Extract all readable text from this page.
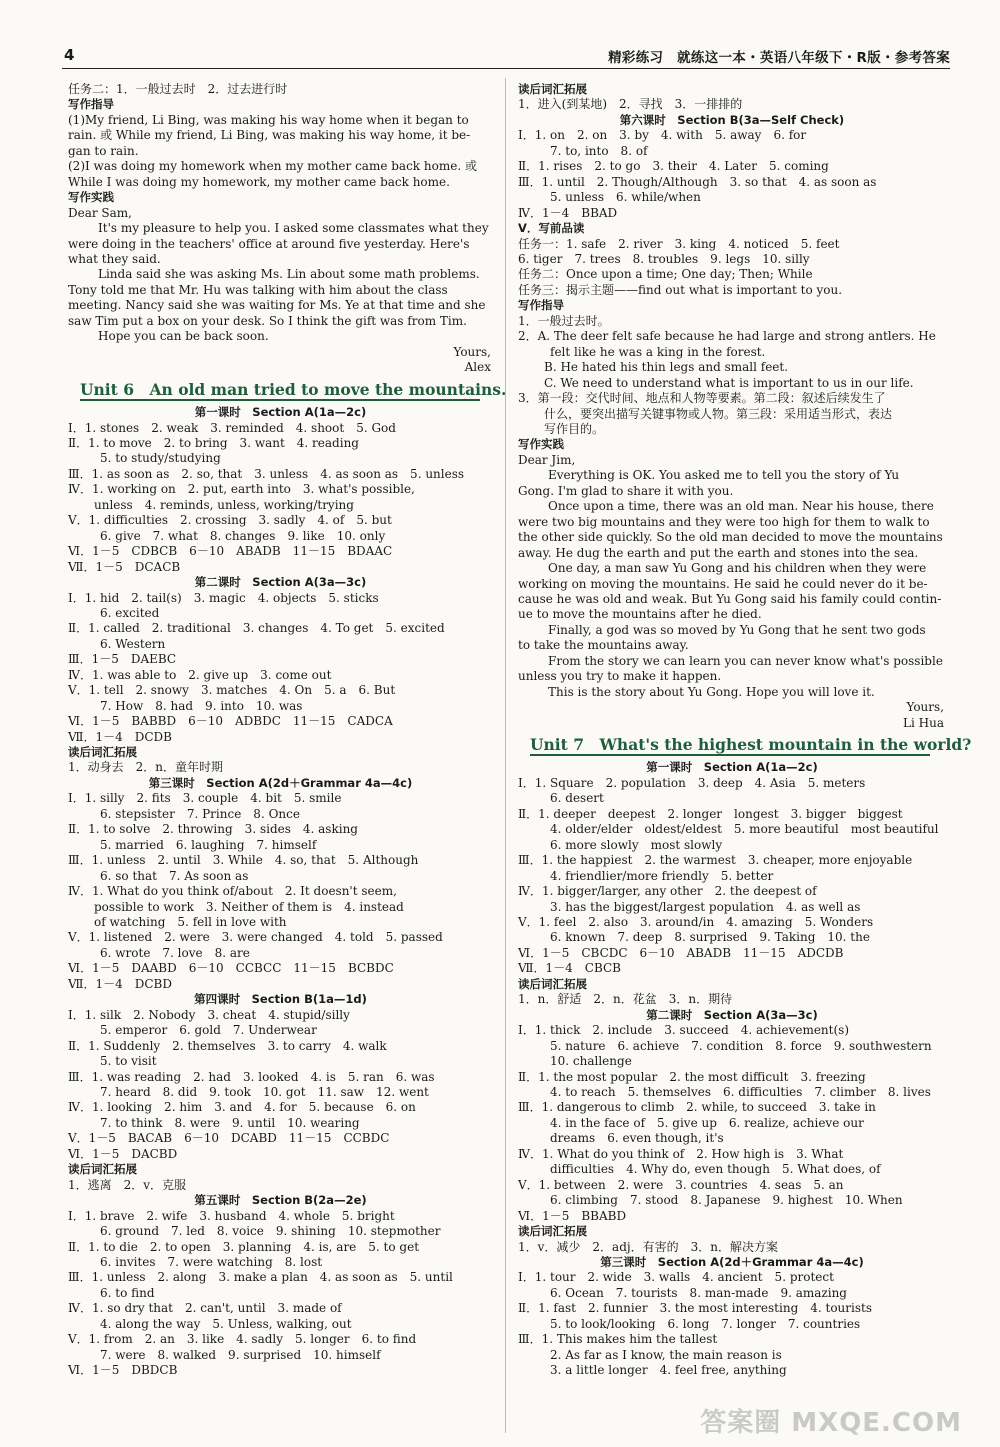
4	精彩练习　就练这一本・英语八年级下・R版・参考答案
任务二：1．一般过去时　2．过去进行时
写作指导
(1)My friend, Li Bing, was making his way home when it began to
rain. 或 While my friend, Li Bing, was making his way home, it be-
gan to rain.
(2)I was doing my homework when my mother came back home. 或
While I was doing my homework, my mother came back home.
写作实践
Dear Sam,
It's my pleasure to help you. I asked some classmates what they
were doing in the teachers' office at around five yesterday. Here's
what they said.
Linda said she was asking Ms. Lin about some math problems.
Tony told me that Mr. Hu was talking with him about the class
meeting. Nancy said she was waiting for Ms. Ye at that time and she
saw Tim put a box on your desk. So I think the gift was from Tim.
Hope you can be back soon.
Yours,
Alex
Unit 6　An old man tried to move the mountains.
第一课时　Section A(1a—2c)
Ⅰ．1. stones　2. weak　3. reminded　4. shoot　5. God
Ⅱ．1. to move　2. to bring　3. want　4. reading
5. to study/studying
Ⅲ．1. as soon as　2. so, that　3. unless　4. as soon as　5. unless
Ⅳ．1. working on　2. put, earth into　3. what's possible,
unless　4. reminds, unless, working/trying
Ⅴ．1. difficulties　2. crossing　3. sadly　4. of　5. but
6. give　7. what　8. changes　9. like　10. only
Ⅵ．1－5　CDBCB　6－10　ABADB　11－15　BDAAC
Ⅶ．1－5　DCACB
第二课时　Section A(3a—3c)
Ⅰ．1. hid　2. tail(s)　3. magic　4. objects　5. sticks
6. excited
Ⅱ．1. called　2. traditional　3. changes　4. To get　5. excited
6. Western
Ⅲ．1－5　DAEBC
Ⅳ．1. was able to　2. give up　3. come out
Ⅴ．1. tell　2. snowy　3. matches　4. On　5. a　6. But
7. How　8. had　9. into　10. was
Ⅵ．1－5　BABBD　6－10　ADBDC　11－15　CADCA
Ⅶ．1－4　DCDB
读后词汇拓展
1．动身去　2．n．童年时期
第三课时　Section A(2d＋Grammar 4a—4c)
Ⅰ．1. silly　2. fits　3. couple　4. bit　5. smile
6. stepsister　7. Prince　8. Once
Ⅱ．1. to solve　2. throwing　3. sides　4. asking
5. married　6. laughing　7. himself
Ⅲ．1. unless　2. until　3. While　4. so, that　5. Although
6. so that　7. As soon as
Ⅳ．1. What do you think of/about　2. It doesn't seem,
possible to work　3. Neither of them is　4. instead
of watching　5. fell in love with
Ⅴ．1. listened　2. were　3. were changed　4. told　5. passed
6. wrote　7. love　8. are
Ⅵ．1－5　DAABD　6－10　CCBCC　11－15　BCBDC
Ⅶ．1－4　DCBD
第四课时　Section B(1a—1d)
Ⅰ．1. silk　2. Nobody　3. cheat　4. stupid/silly
5. emperor　6. gold　7. Underwear
Ⅱ．1. Suddenly　2. themselves　3. to carry　4. walk
5. to visit
Ⅲ．1. was reading　2. had　3. looked　4. is　5. ran　6. was
7. heard　8. did　9. took　10. got　11. saw　12. went
Ⅳ．1. looking　2. him　3. and　4. for　5. because　6. on
7. to think　8. were　9. until　10. wearing
Ⅴ．1－5　BACAB　6－10　DCABD　11－15　CCBDC
Ⅵ．1－5　DACBD
读后词汇拓展
1．逃离　2．v．克服
第五课时　Section B(2a—2e)
Ⅰ．1. brave　2. wife　3. husband　4. whole　5. bright
6. ground　7. led　8. voice　9. shining　10. stepmother
Ⅱ．1. to die　2. to open　3. planning　4. is, are　5. to get
6. invites　7. were watching　8. lost
Ⅲ．1. unless　2. along　3. make a plan　4. as soon as　5. until
6. to find
Ⅳ．1. so dry that　2. can't, until　3. made of
4. along the way　5. Unless, walking, out
Ⅴ．1. from　2. an　3. like　4. sadly　5. longer　6. to find
7. were　8. walked　9. surprised　10. himself
Ⅵ．1－5　DBDCB
读后词汇拓展
1．进入(到某地)　2．寻找　3．一排排的
第六课时　Section B(3a—Self Check)
Ⅰ．1. on　2. on　3. by　4. with　5. away　6. for
7. to, into　8. of
Ⅱ．1. rises　2. to go　3. their　4. Later　5. coming
Ⅲ．1. until　2. Though/Although　3. so that　4. as soon as
5. unless　6. while/when
Ⅳ．1－4　BBAD
Ⅴ．写前品读
任务一：1. safe　2. river　3. king　4. noticed　5. feet
6. tiger　7. trees　8. troubles　9. legs　10. silly
任务二：Once upon a time; One day; Then; While
任务三：揭示主题——find out what is important to you.
写作指导
1．一般过去时。
2．A. The deer felt safe because he had large and strong antlers. He
felt like he was a king in the forest.
B. He hated his thin legs and small feet.
C. We need to understand what is important to us in our life.
3．第一段：交代时间、地点和人物等要素。第二段：叙述后续发生了
什么，要突出描写关键事物或人物。第三段：采用适当形式，表达
写作目的。
写作实践
Dear Jim,
Everything is OK. You asked me to tell you the story of Yu
Gong. I'm glad to share it with you.
Once upon a time, there was an old man. Near his house, there
were two big mountains and they were too high for them to walk to
the other side quickly. So the old man decided to move the mountains
away. He dug the earth and put the earth and stones into the sea.
One day, a man saw Yu Gong and his children when they were
working on moving the mountains. He said he could never do it be-
cause he was old and weak. But Yu Gong said his family could contin-
ue to move the mountains after he died.
Finally, a god was so moved by Yu Gong that he sent two gods
to take the mountains away.
From the story we can learn you can never know what's possible
unless you try to make it happen.
This is the story about Yu Gong. Hope you will love it.
Yours,
Li Hua
Unit 7　What's the highest mountain in the world?
第一课时　Section A(1a—2c)
Ⅰ．1. Square　2. population　3. deep　4. Asia　5. meters
6. desert
Ⅱ．1. deeper　deepest　2. longer　longest　3. bigger　biggest
4. older/elder　oldest/eldest　5. more beautiful　most beautiful
6. more slowly　most slowly
Ⅲ．1. the happiest　2. the warmest　3. cheaper, more enjoyable
4. friendlier/more friendly　5. better
Ⅳ．1. bigger/larger, any other　2. the deepest of
3. has the biggest/largest population　4. as well as
Ⅴ．1. feel　2. also　3. around/in　4. amazing　5. Wonders
6. known　7. deep　8. surprised　9. Taking　10. the
Ⅵ．1－5　CBCDC　6－10　ABADB　11－15　ADCDB
Ⅶ．1－4　CBCB
读后词汇拓展
1．n．舒适　2．n．花盆　3．n．期待
第二课时　Section A(3a—3c)
Ⅰ．1. thick　2. include　3. succeed　4. achievement(s)
5. nature　6. achieve　7. condition　8. force　9. southwestern
10. challenge
Ⅱ．1. the most popular　2. the most difficult　3. freezing
4. to reach　5. themselves　6. difficulties　7. climber　8. lives
Ⅲ．1. dangerous to climb　2. while, to succeed　3. take in
4. in the face of　5. give up　6. realize, achieve our
dreams　6. even though, it's
Ⅳ．1. What do you think of　2. How high is　3. What
difficulties　4. Why do, even though　5. What does, of
Ⅴ．1. between　2. were　3. countries　4. seas　5. an
6. climbing　7. stood　8. Japanese　9. highest　10. When
Ⅵ．1－5　BBABD
读后词汇拓展
1．v．减少　2．adj．有害的　3．n．解决方案
第三课时　Section A(2d＋Grammar 4a—4c)
Ⅰ．1. tour　2. wide　3. walls　4. ancient　5. protect
6. Ocean　7. tourists　8. man-made　9. amazing
Ⅱ．1. fast　2. funnier　3. the most interesting　4. tourists
5. to look/looking　6. long　7. longer　7. countries
Ⅲ．1. This makes him the tallest
2. As far as I know, the main reason is
3. a little longer　4. feel free, anything
答案圈 MXQE.COM
